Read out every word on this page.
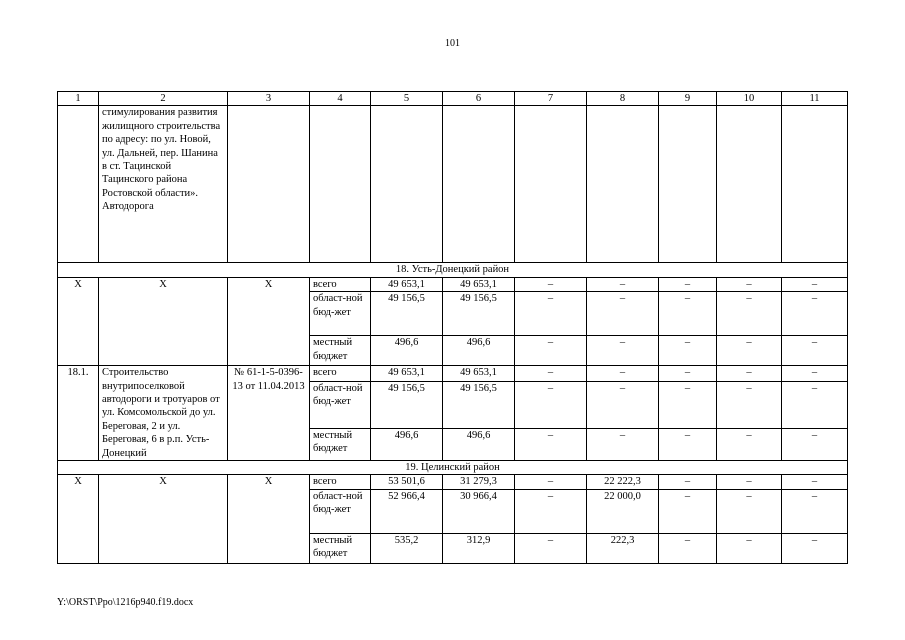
101
1	2	3	4	5	6	7	8	9	10	11
	стимулирования развития жилищного строительства по адресу: по ул. Новой, ул. Дальней, пер. Шанина в ст. Тацинской Тацинского района Ростовской области». Автодорога									
18. Усть-Донецкий район										
Х	Х	Х	всего	49 653,1	49 653,1	–	–	–	–	–
			област-ной бюд-жет	49 156,5	49 156,5	–	–	–	–	–
			местный бюджет	496,6	496,6	–	–	–	–	–
18.1.	Строительство внутрипоселковой автодороги и тротуаров от ул. Комсомольской до ул. Береговая, 2 и ул. Береговая, 6 в р.п. Усть-Донецкий	№ 61-1-5-0396-13 от 11.04.2013	всего	49 653,1	49 653,1	–	–	–	–	–
			област-ной бюд-жет	49 156,5	49 156,5	–	–	–	–	–
			местный бюджет	496,6	496,6	–	–	–	–	–
19. Целинский район										
Х	Х	Х	всего	53 501,6	31 279,3	–	22 222,3	–	–	–
			област-ной бюд-жет	52 966,4	30 966,4	–	22 000,0	–	–	–
			местный бюджет	535,2	312,9	–	222,3	–	–	–
Y:\ORST\Ppo\1216p940.f19.docx
